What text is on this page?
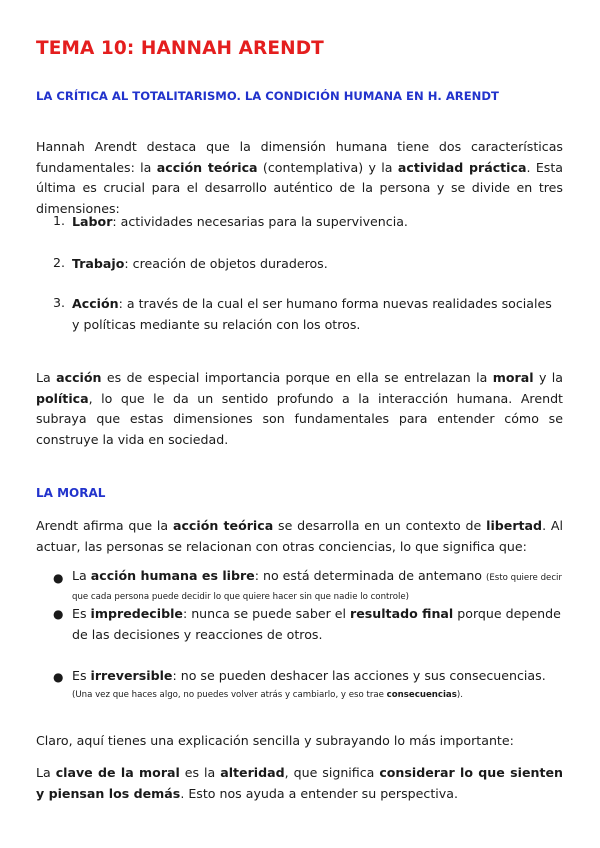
TEMA 10: HANNAH ARENDT
LA CRÍTICA AL TOTALITARISMO. LA CONDICIÓN HUMANA EN H. ARENDT

Hannah Arendt destaca que la dimensión humana tiene dos características fundamentales: la acción teórica (contemplativa) y la actividad práctica. Esta última es crucial para el desarrollo auténtico de la persona y se divide en tres dimensiones:

1. Labor: actividades necesarias para la supervivencia.

2. Trabajo: creación de objetos duraderos.

3. Acción: a través de la cual el ser humano forma nuevas realidades sociales y políticas mediante su relación con los otros.

La acción es de especial importancia porque en ella se entrelazan la moral y la política, lo que le da un sentido profundo a la interacción humana. Arendt subraya que estas dimensiones son fundamentales para entender cómo se construye la vida en sociedad.

LA MORAL

Arendt afirma que la acción teórica se desarrolla en un contexto de libertad. Al actuar, las personas se relacionan con otras conciencias, lo que significa que:

● La acción humana es libre: no está determinada de antemano (Esto quiere decir que cada persona puede decidir lo que quiere hacer sin que nadie lo controle)

● Es impredecible: nunca se puede saber el resultado final porque depende de las decisiones y reacciones de otros.

● Es irreversible: no se pueden deshacer las acciones y sus consecuencias. (Una vez que haces algo, no puedes volver atrás y cambiarlo, y eso trae consecuencias).

Claro, aquí tienes una explicación sencilla y subrayando lo más importante:

La clave de la moral es la alteridad, que significa considerar lo que sienten y piensan los demás. Esto nos ayuda a entender su perspectiva.
